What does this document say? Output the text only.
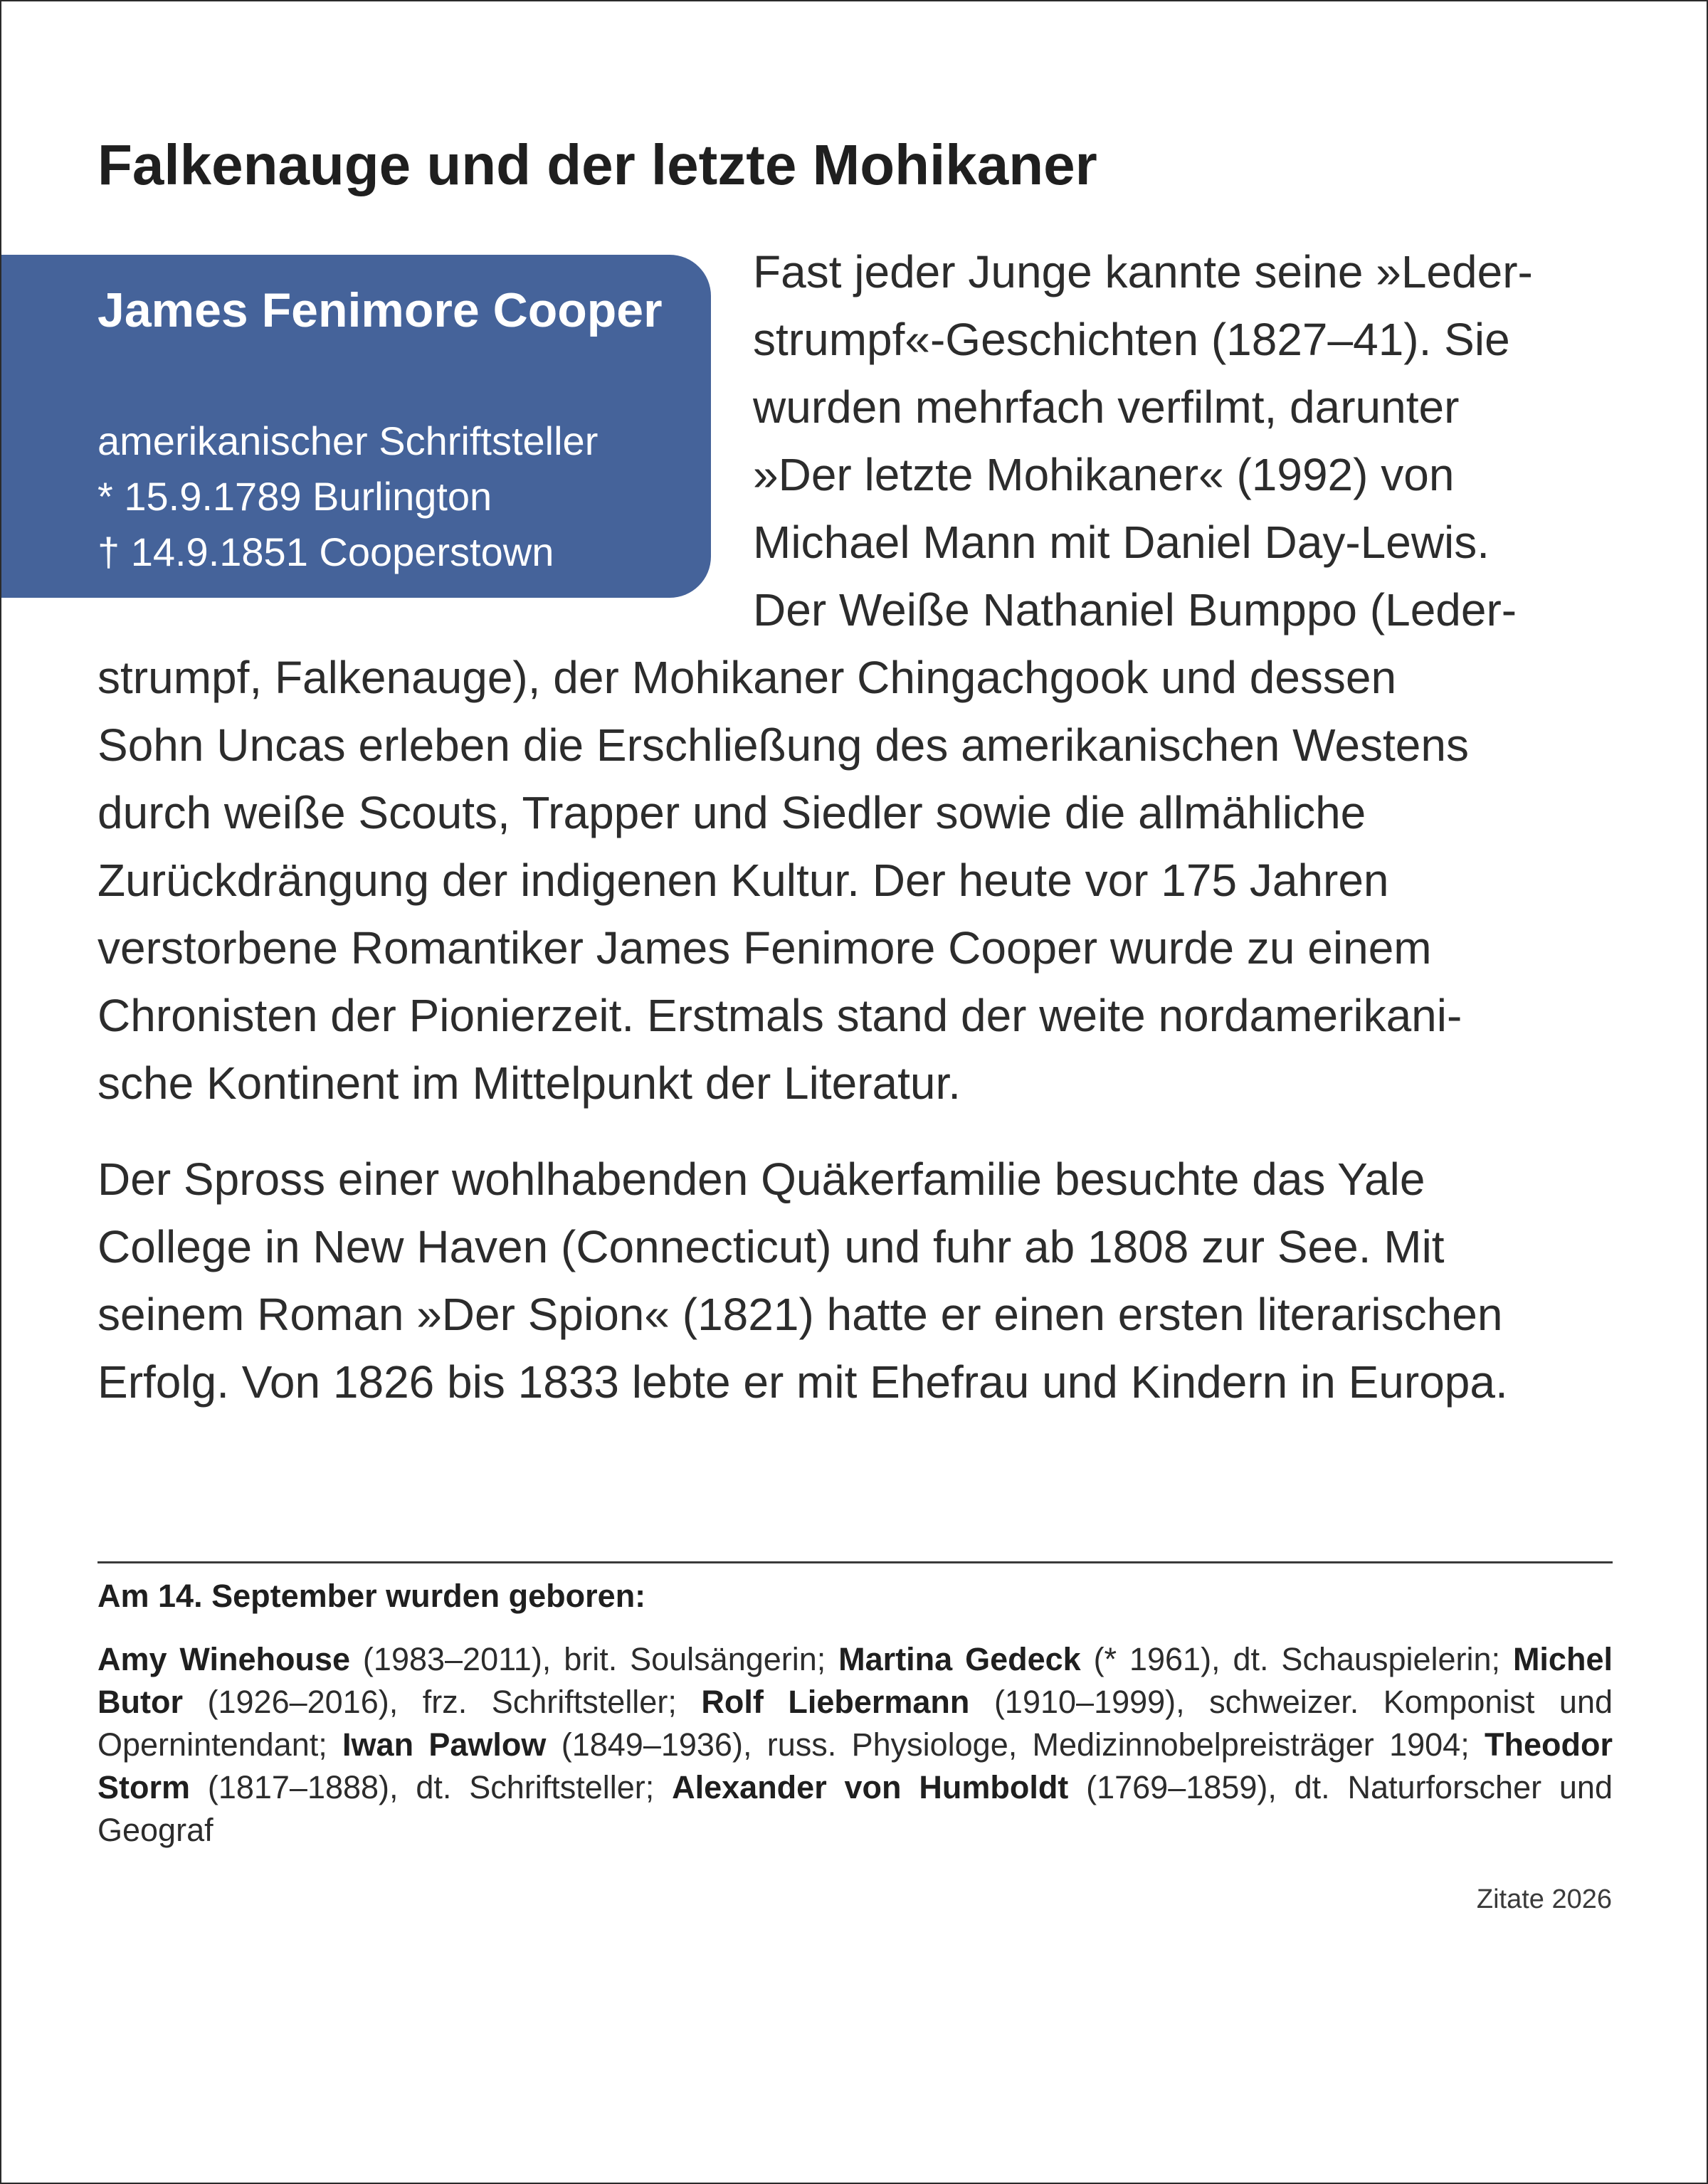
Falkenauge und der letzte Mohikaner
James Fenimore Cooper
amerikanischer Schriftsteller
* 15.9.1789 Burlington
† 14.9.1851 Cooperstown
Fast jeder Junge kannte seine »Leder-
strumpf«-Geschichten (1827–41). Sie
wurden mehrfach verfilmt, darunter
»Der letzte Mohikaner« (1992) von
Michael Mann mit Daniel Day-Lewis.
Der Weiße Nathaniel Bumppo (Leder-
strumpf, Falkenauge), der Mohikaner Chingachgook und dessen
Sohn Uncas erleben die Erschließung des amerikanischen Westens
durch weiße Scouts, Trapper und Siedler sowie die allmähliche
Zurückdrängung der indigenen Kultur. Der heute vor 175 Jahren
verstorbene Romantiker James Fenimore Cooper wurde zu einem
Chronisten der Pionierzeit. Erstmals stand der weite nordamerikani-
sche Kontinent im Mittelpunkt der Literatur.
Der Spross einer wohlhabenden Quäkerfamilie besuchte das Yale
College in New Haven (Connecticut) und fuhr ab 1808 zur See. Mit
seinem Roman »Der Spion« (1821) hatte er einen ersten literarischen
Erfolg. Von 1826 bis 1833 lebte er mit Ehefrau und Kindern in Europa.
Am 14. September wurden geboren:

Amy Winehouse (1983–2011), brit. Soulsängerin; Martina Gedeck (* 1961), dt. Schauspielerin; Michel Butor (1926–2016), frz. Schriftsteller; Rolf Liebermann (1910–1999), schweizer. Komponist und Opernintendant; Iwan Pawlow (1849–1936), russ. Physiologe, Medizinnobelpreisträger 1904; Theodor Storm (1817–1888), dt. Schriftsteller; Alexander von Humboldt (1769–1859), dt. Naturforscher und Geograf

Zitate 2026
